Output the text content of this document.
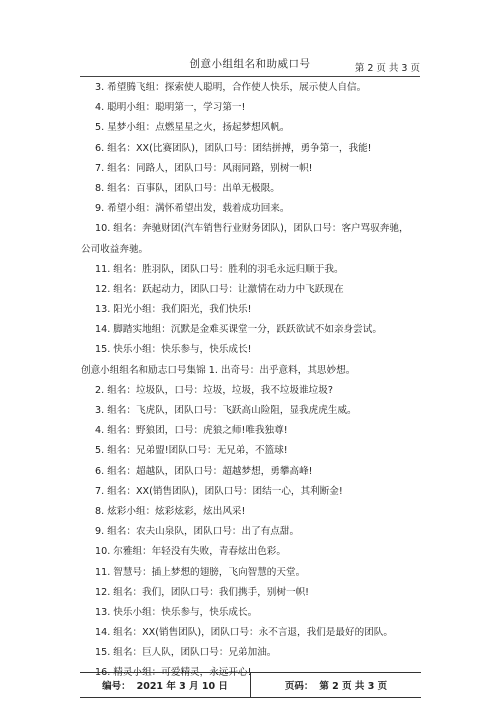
创意小组组名和助威口号	第 2 页 共 3 页
3. 希望腾飞组：探索使人聪明，合作使人快乐，展示使人自信。
4. 聪明小组：聪明第一，学习第一!
5. 星梦小组：点燃星星之火，扬起梦想风帆。
6. 组名：XX(比赛团队)，团队口号：团结拼搏，勇争第一，我能!
7. 组名：同路人，团队口号：风雨同路，别树一帜!
8. 组名：百事队，团队口号：出单无极限。
9. 希望小组：满怀希望出发，载着成功回来。
10. 组名：奔驰财团(汽车销售行业财务团队)，团队口号：客户骂驭奔驰，
公司收益奔驰。
11. 组名：胜羽队，团队口号：胜利的羽毛永远归顺于我。
12. 组名：跃起动力，团队口号：让激情在动力中飞跃现在
13. 阳光小组：我们阳光，我们快乐!
14. 脚踏实地组：沉默是金难买课堂一分，跃跃欲试不如亲身尝试。
15. 快乐小组：快乐参与，快乐成长!
创意小组组名和励志口号集锦 1. 出奇号：出乎意料，其思妙想。
2. 组名：垃圾队，口号：垃圾，垃圾，我不垃圾谁垃圾?
3. 组名：飞虎队，团队口号：飞跃高山险阻，显我虎虎生威。
4. 组名：野狼团，口号：虎狼之师!唯我独尊!
5. 组名：兄弟盟!团队口号：无兄弟，不篮球!
6. 组名：超越队，团队口号：超越梦想，勇攀高峰!
7. 组名：XX(销售团队)，团队口号：团结一心，其利断金!
8. 炫彩小组：炫彩炫彩，炫出风采!
9. 组名：农夫山泉队，团队口号：出了有点甜。
10. 尔雅组：年轻没有失败，青春炫出色彩。
11. 智慧号：插上梦想的翅膀，飞向智慧的天堂。
12. 组名：我们，团队口号：我们携手，别树一帜!
13. 快乐小组：快乐参与，快乐成长。
14. 组名：XX(销售团队)，团队口号：永不言退，我们是最好的团队。
15. 组名：巨人队，团队口号：兄弟加油。
16. 精灵小组：可爱精灵，永远开心!
编号： 2021 年 3 月 10 日	页码： 第 2 页 共 3 页
